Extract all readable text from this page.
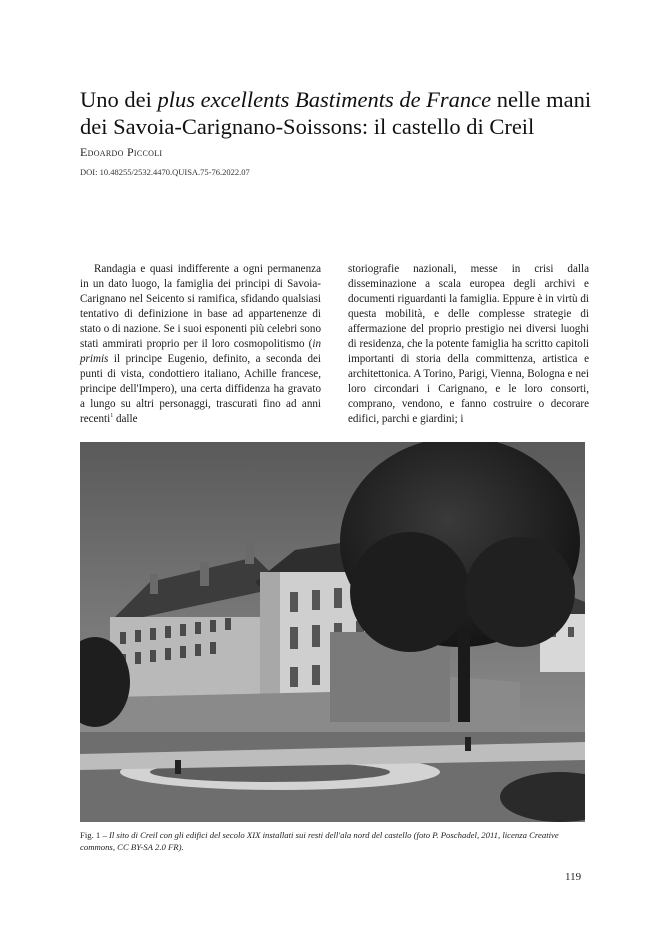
Uno dei plus excellents Bastiments de France nelle mani dei Savoia-Carignano-Soissons: il castello di Creil
Edoardo Piccoli
DOI: 10.48255/2532.4470.QUISA.75-76.2022.07

Randagia e quasi indifferente a ogni permanenza in un dato luogo, la famiglia dei principi di Savoia-Carignano nel Seicento si ramifica, sfidando qualsiasi tentativo di definizione in base ad appartenenze di stato o di nazione. Se i suoi esponenti più celebri sono stati ammirati proprio per il loro cosmopolitismo (in primis il principe Eugenio, definito, a seconda dei punti di vista, condottiero italiano, Achille francese, principe dell'Impero), una certa diffidenza ha gravato a lungo su altri personaggi, trascurati fino ad anni recenti$^1$ dalle

storiografie nazionali, messe in crisi dalla disseminazione a scala europea degli archivi e documenti riguardanti la famiglia. Eppure è in virtù di questa mobilità, e delle complesse strategie di affermazione del proprio prestigio nei diversi luoghi di residenza, che la potente famiglia ha scritto capitoli importanti di storia della committenza, artistica e architettonica. A Torino, Parigi, Vienna, Bologna e nei loro circondari i Carignano, e le loro consorti, comprano, vendono, e fanno costruire o decorare edifici, parchi e giardini; i

Fig. 1 – Il sito di Creil con gli edifici del secolo XIX installati sui resti dell'ala nord del castello (foto P. Poschadel, 2011, licenza Creative commons, CC BY-SA 2.0 FR).
119
